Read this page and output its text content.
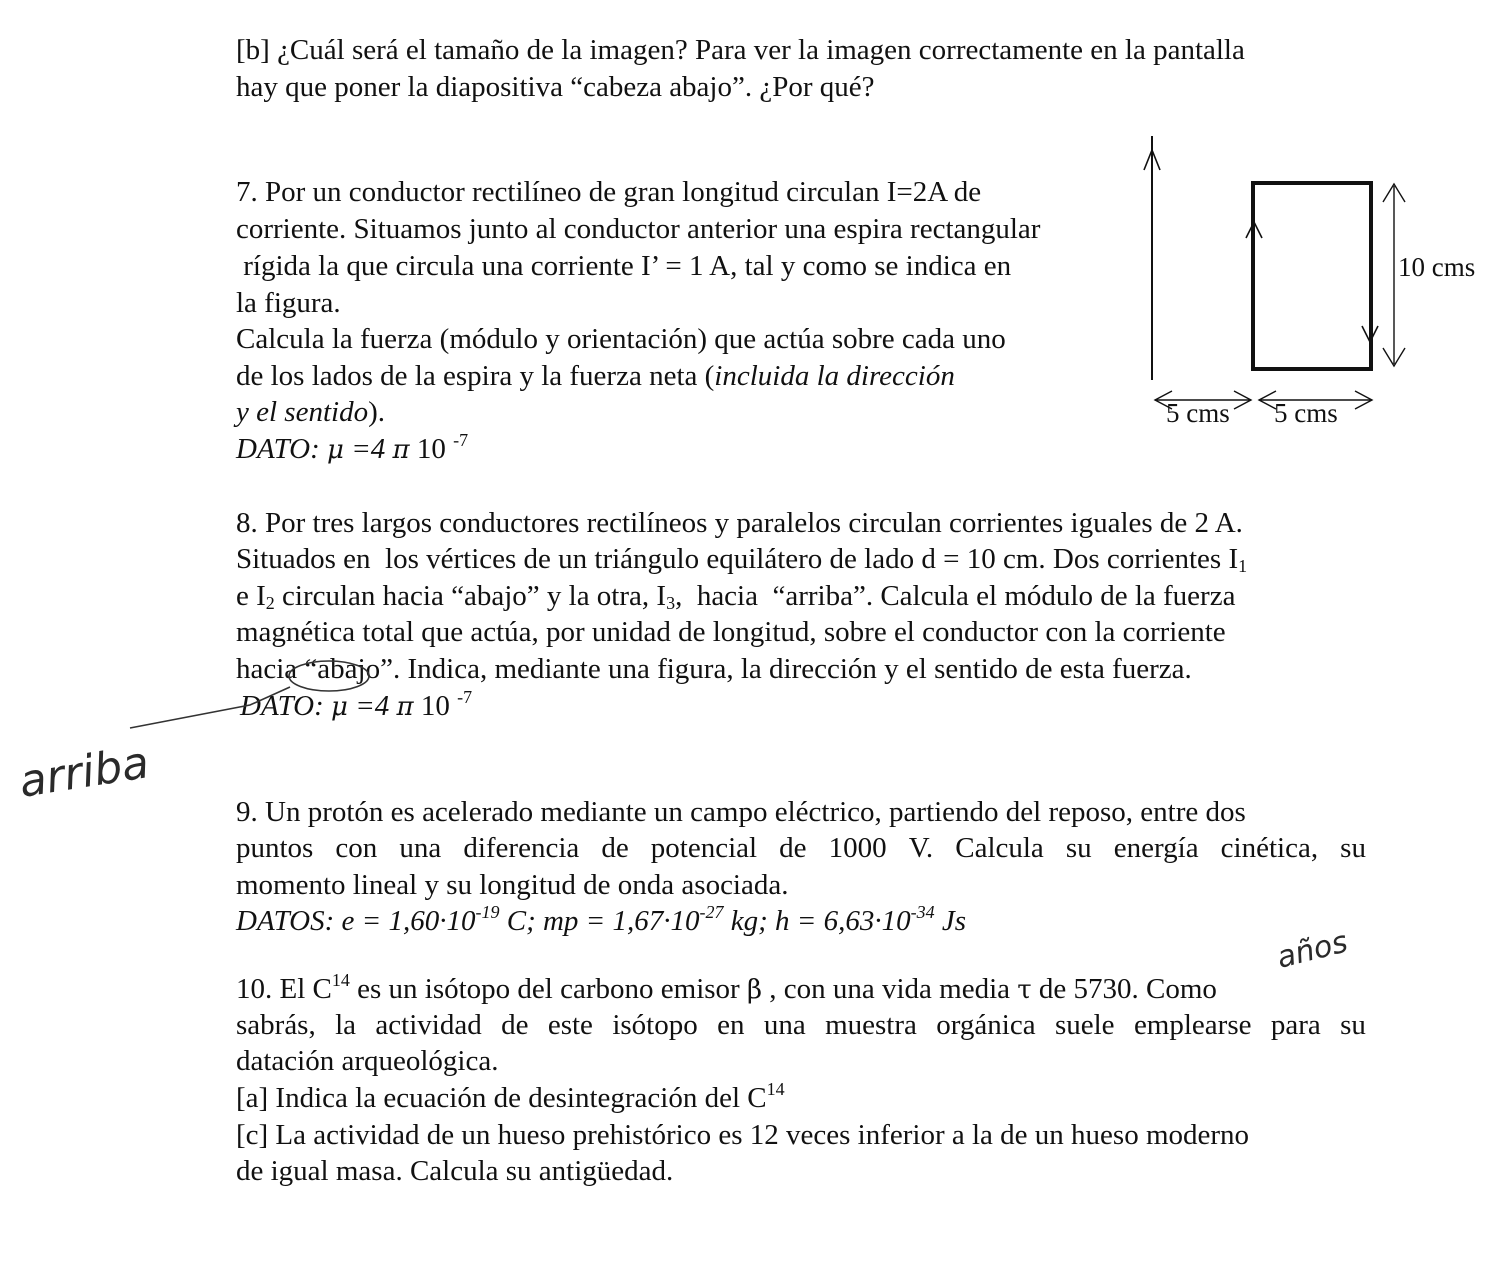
[b] ¿Cuál será el tamaño de la imagen? Para ver la imagen correctamente en la pantalla

hay que poner la diapositiva “cabeza abajo”. ¿Por qué?

7. Por un conductor rectilíneo de gran longitud circulan I=2A de

corriente. Situamos junto al conductor anterior una espira rectangular

rígida la que circula una corriente I’ = 1 A, tal y como se indica en

la figura.

Calcula la fuerza (módulo y orientación) que actúa sobre cada uno

de los lados de la espira y la fuerza neta (incluida la dirección

y el sentido).

DATO: μ =4 π 10 $^{-7}$

8. Por tres largos conductores rectilíneos y paralelos circulan corrientes iguales de 2 A.

Situados en  los vértices de un triángulo equilátero de lado d = 10 cm. Dos corrientes $I_1$

e $I_2$ circulan hacia “abajo” y la otra, $I_3$,  hacia  “arriba”. Calcula el módulo de la fuerza

magnética total que actúa, por unidad de longitud, sobre el conductor con la corriente

hacia “abajo”. Indica, mediante una figura, la dirección y el sentido de esta fuerza.

DATO: μ =4 π 10 $^{-7}$

9. Un protón es acelerado mediante un campo eléctrico, partiendo del reposo, entre dos

puntos con una diferencia de potencial de 1000 V. Calcula su energía cinética, su

momento lineal y su longitud de onda asociada.

DATOS: $e = 1,60\cdot 10^{-19}$ C; mp = $1,67\cdot 10^{-27}$ kg; $h = 6,63\cdot 10^{-34}$ Js

10. El $C^{14}$ es un isótopo del carbono emisor β , con una vida media τ de 5730. Como

sabrás, la actividad de este isótopo en una muestra orgánica suele emplearse para su

datación arqueológica.

[a] Indica la ecuación de desintegración del $C^{14}$

[c] La actividad de un hueso prehistórico es 12 veces inferior a la de un hueso moderno

de igual masa. Calcula su antigüedad.

10 cms
5 cms 5 cms
arriba
años
